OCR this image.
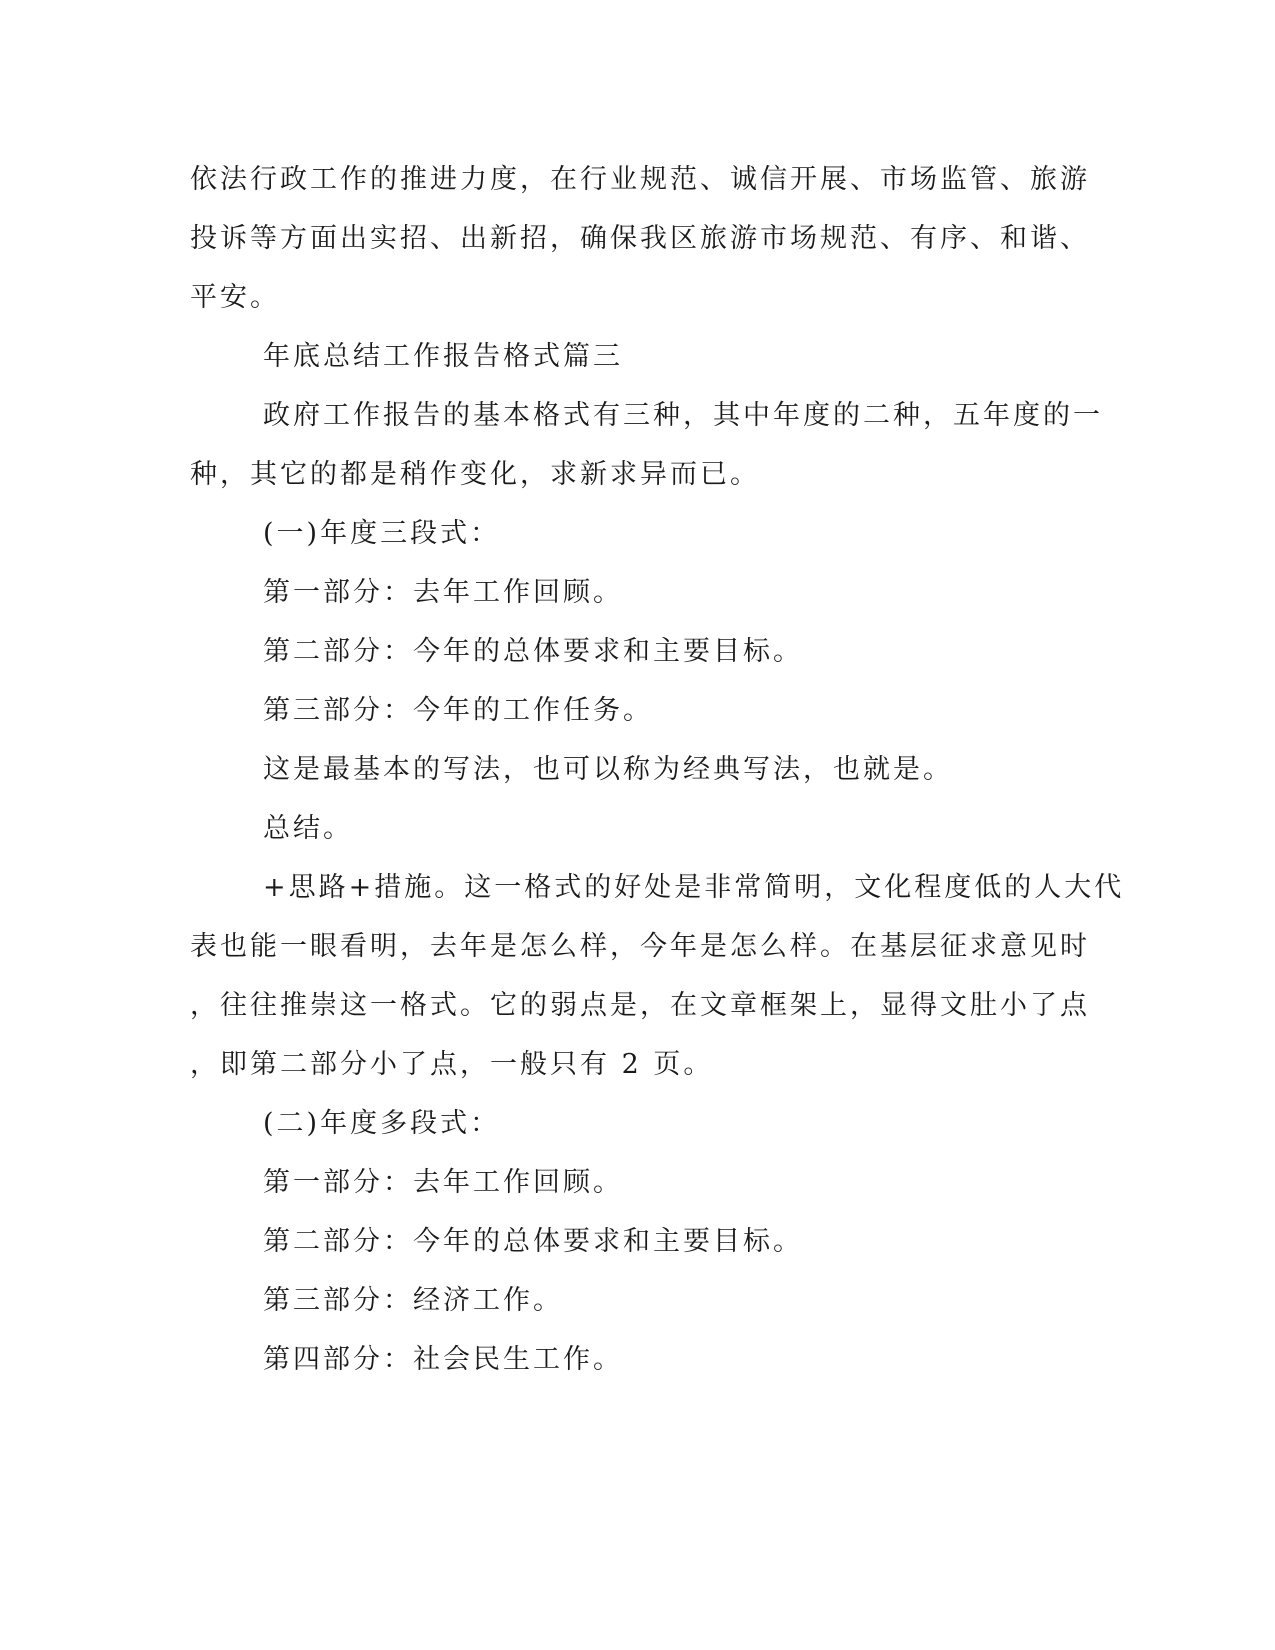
依法行政工作的推进力度，在行业规范、诚信开展、市场监管、旅游
投诉等方面出实招、出新招，确保我区旅游市场规范、有序、和谐、
平安。
年底总结工作报告格式篇三
政府工作报告的基本格式有三种，其中年度的二种，五年度的一
种，其它的都是稍作变化，求新求异而已。
(一)年度三段式：
第一部分：去年工作回顾。
第二部分：今年的总体要求和主要目标。
第三部分：今年的工作任务。
这是最基本的写法，也可以称为经典写法，也就是。
总结。
+思路+措施。这一格式的好处是非常简明，文化程度低的人大代
表也能一眼看明，去年是怎么样，今年是怎么样。在基层征求意见时
，往往推崇这一格式。它的弱点是，在文章框架上，显得文肚小了点
，即第二部分小了点，一般只有 2 页。
(二)年度多段式：
第一部分：去年工作回顾。
第二部分：今年的总体要求和主要目标。
第三部分：经济工作。
第四部分：社会民生工作。
